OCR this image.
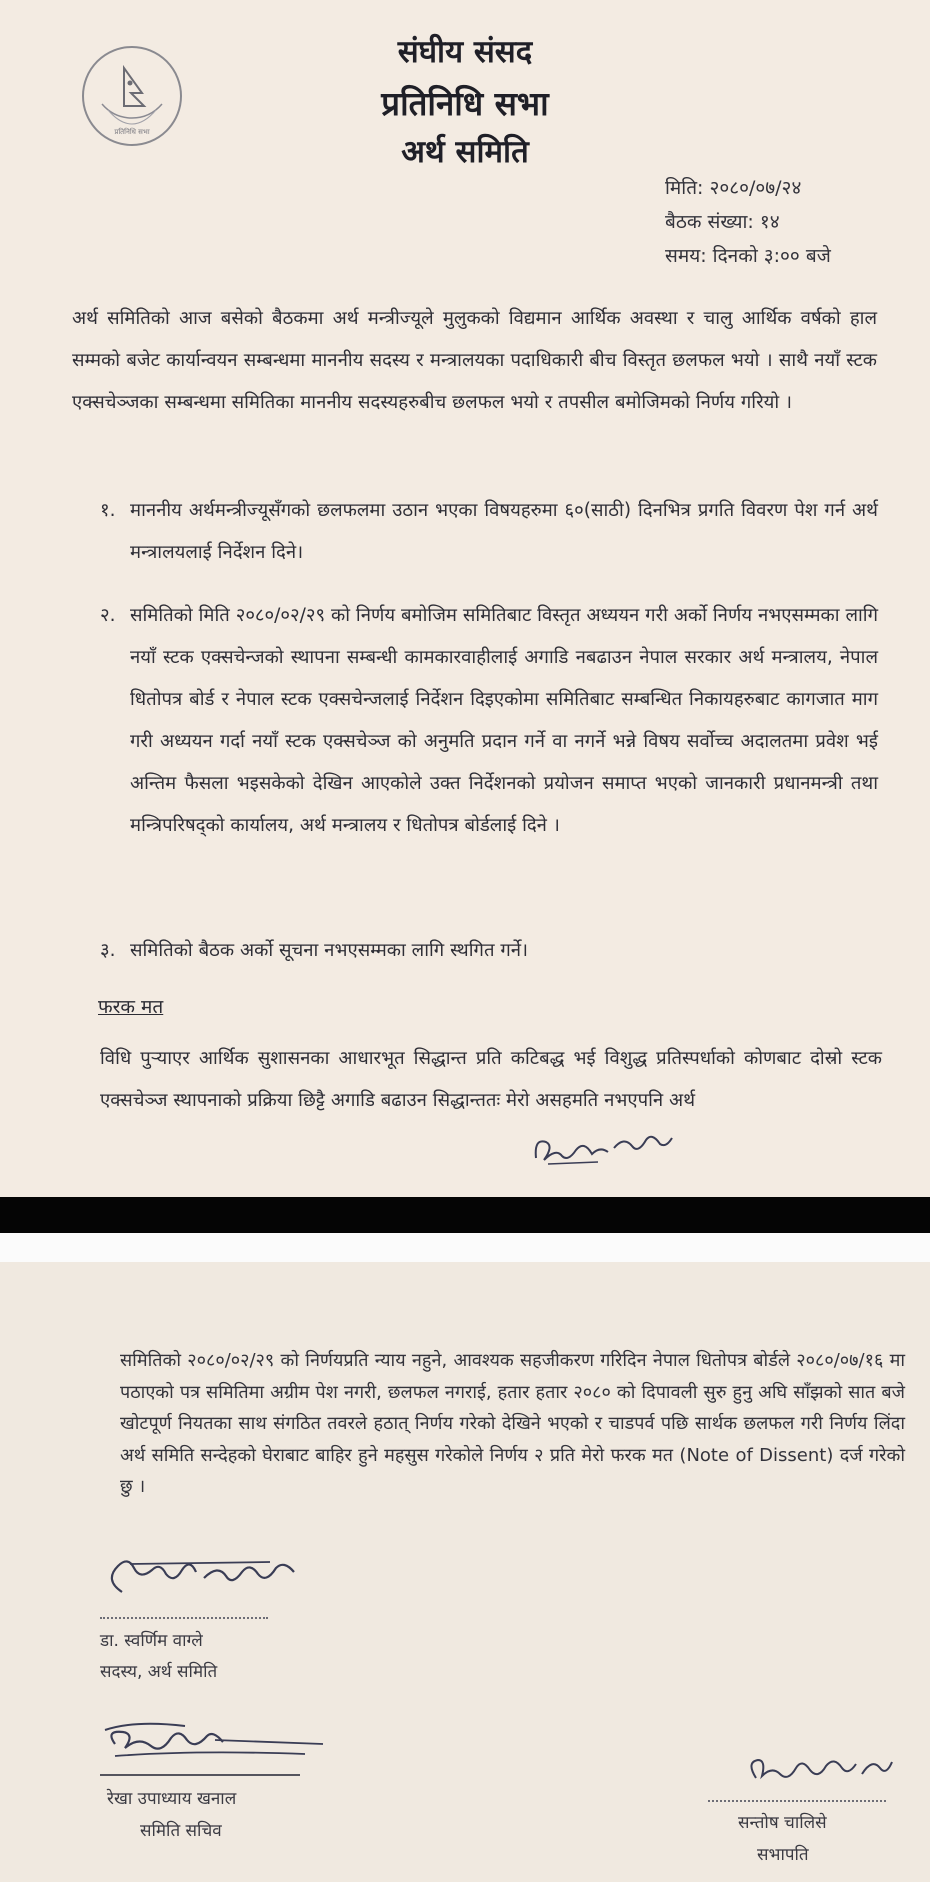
प्रतिनिधि सभा
संघीय संसद
प्रतिनिधि सभा
अर्थ समिति
मिति: २०८०/०७/२४
बैठक संख्या: १४
समय: दिनको ३:०० बजे
अर्थ समितिको आज बसेको बैठकमा अर्थ मन्त्रीज्यूले मुलुकको विद्यमान आर्थिक अवस्था र चालु आर्थिक वर्षको हाल सम्मको बजेट कार्यान्वयन सम्बन्धमा माननीय सदस्य र मन्त्रालयका पदाधिकारी बीच विस्तृत छलफल भयो । साथै नयाँ स्टक एक्सचेञ्जका सम्बन्धमा समितिका माननीय सदस्यहरुबीच छलफल भयो र तपसील बमोजिमको निर्णय गरियो ।
१. माननीय अर्थमन्त्रीज्यूसँगको छलफलमा उठान भएका विषयहरुमा ६०(साठी) दिनभित्र प्रगति विवरण पेश गर्न अर्थ मन्त्रालयलाई निर्देशन दिने।
२. समितिको मिति २०८०/०२/२९ को निर्णय बमोजिम समितिबाट विस्तृत अध्ययन गरी अर्को निर्णय नभएसम्मका लागि नयाँ स्टक एक्सचेन्जको स्थापना सम्बन्धी कामकारवाहीलाई अगाडि नबढाउन नेपाल सरकार अर्थ मन्त्रालय, नेपाल धितोपत्र बोर्ड र नेपाल स्टक एक्सचेन्जलाई निर्देशन दिइएकोमा समितिबाट सम्बन्धित निकायहरुबाट कागजात माग गरी अध्ययन गर्दा नयाँ स्टक एक्सचेञ्ज को अनुमति प्रदान गर्ने वा नगर्ने भन्ने विषय सर्वोच्च अदालतमा प्रवेश भई अन्तिम फैसला भइसकेको देखिन आएकोले उक्त निर्देशनको प्रयोजन समाप्त भएको जानकारी प्रधानमन्त्री तथा मन्त्रिपरिषद्को कार्यालय, अर्थ मन्त्रालय र धितोपत्र बोर्डलाई दिने ।
३. समितिको बैठक अर्को सूचना नभएसम्मका लागि स्थगित गर्ने।
फरक मत
विधि पुऱ्याएर आर्थिक सुशासनका आधारभूत सिद्धान्त प्रति कटिबद्ध भई विशुद्ध प्रतिस्पर्धाको कोणबाट दोस्रो स्टक एक्सचेञ्ज स्थापनाको प्रक्रिया छिट्टै अगाडि बढाउन सिद्धान्ततः मेरो असहमति नभएपनि अर्थ
समितिको २०८०/०२/२९ को निर्णयप्रति न्याय नहुने, आवश्यक सहजीकरण गरिदिन नेपाल धितोपत्र बोर्डले २०८०/०७/१६ मा पठाएको पत्र समितिमा अग्रीम पेश नगरी, छलफल नगराई, हतार हतार २०८० को दिपावली सुरु हुनु अघि साँझको सात बजे खोटपूर्ण नियतका साथ संगठित तवरले हठात् निर्णय गरेको देखिने भएको र चाडपर्व पछि सार्थक छलफल गरी निर्णय लिंदा अर्थ समिति सन्देहको घेराबाट बाहिर हुने महसुस गरेकोले निर्णय २ प्रति मेरो फरक मत (Note of Dissent) दर्ज गरेको छु ।
डा. स्वर्णिम वाग्ले
सदस्य, अर्थ समिति
रेखा उपाध्याय खनाल
समिति सचिव	सन्तोष चालिसे
सभापति
